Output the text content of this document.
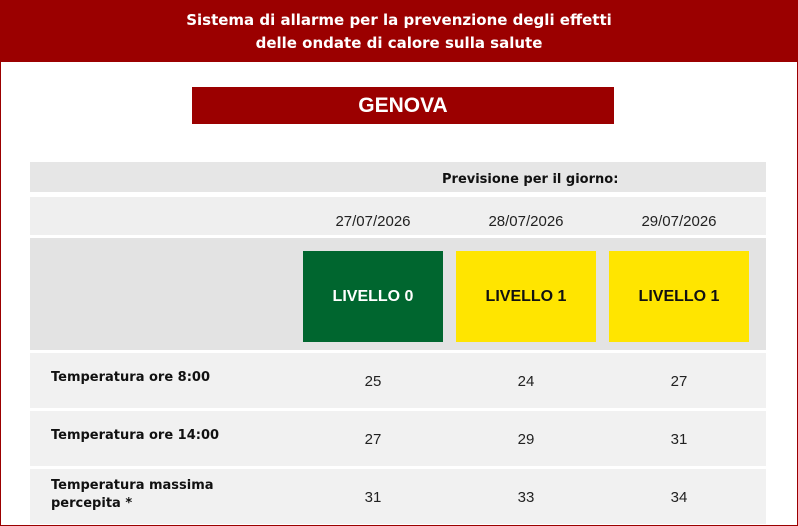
Sistema di allarme per la prevenzione degli effetti
delle ondate di calore sulla salute
GENOVA
Previsione per il giorno:
27/07/2026	28/07/2026	29/07/2026
LIVELLO 0	LIVELLO 1	LIVELLO 1
Temperatura ore 8:00	25	24	27
Temperatura ore 14:00	27	29	31
Temperatura massima
percepita *	31	33	34
